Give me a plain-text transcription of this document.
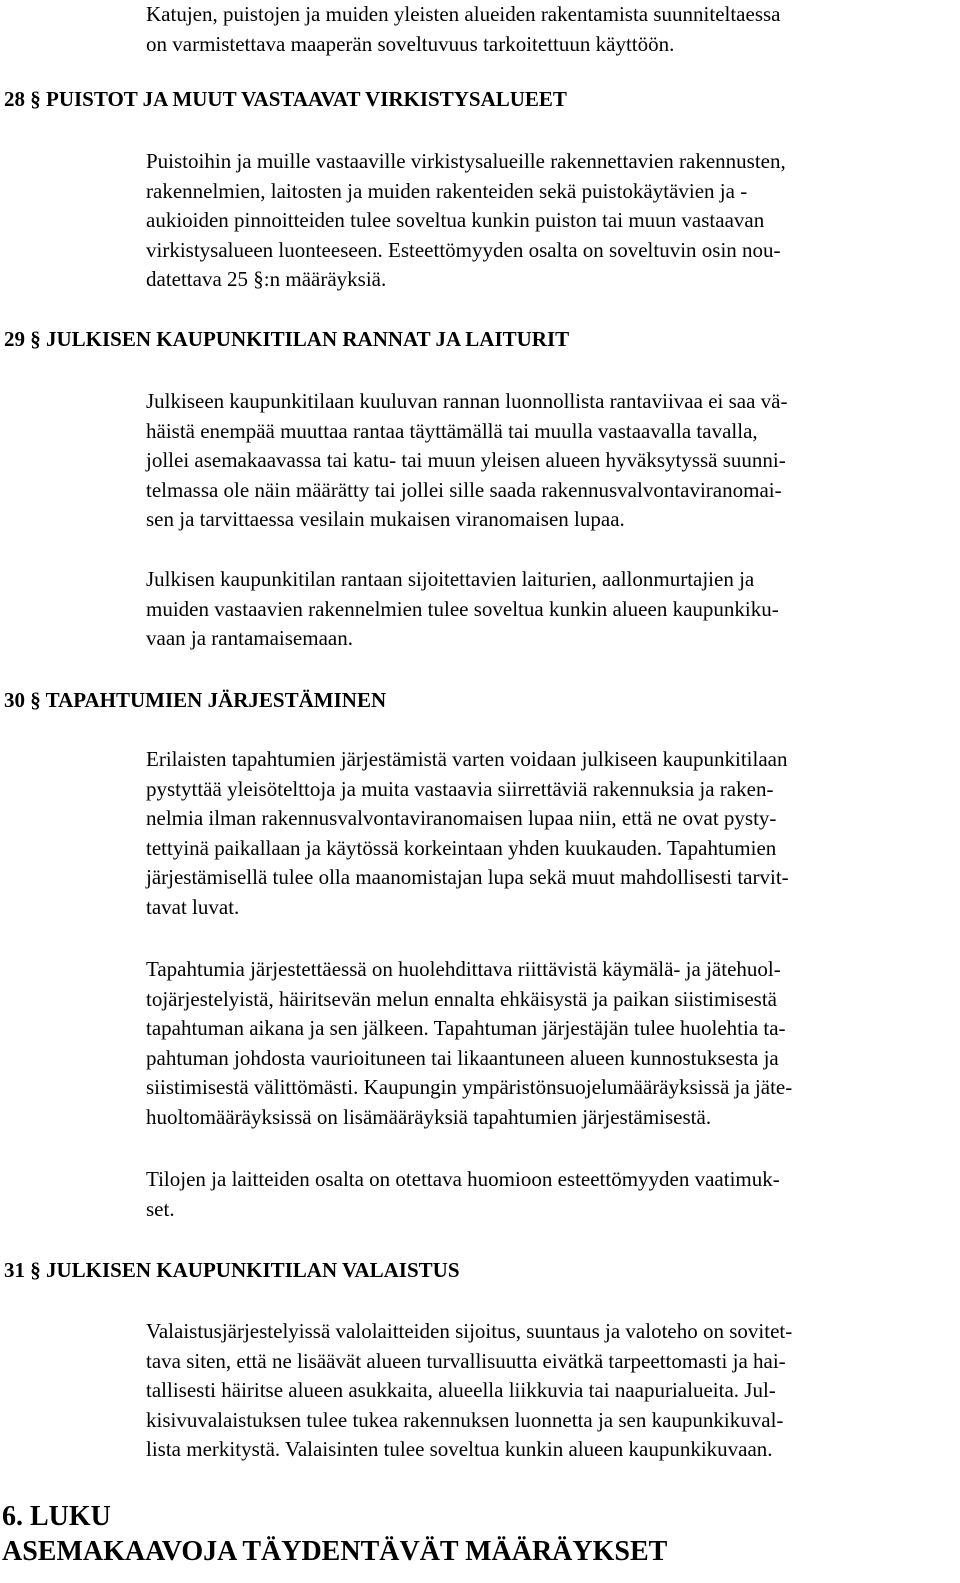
Katujen, puistojen ja muiden yleisten alueiden rakentamista suunniteltaessa
on varmistettava maaperän soveltuvuus tarkoitettuun käyttöön.

28 § PUISTOT JA MUUT VASTAAVAT VIRKISTYSALUEET

Puistoihin ja muille vastaaville virkistysalueille rakennettavien rakennusten,
rakennelmien, laitosten ja muiden rakenteiden sekä puistokäytävien ja -
aukioiden pinnoitteiden tulee soveltua kunkin puiston tai muun vastaavan
virkistysalueen luonteeseen. Esteettömyyden osalta on soveltuvin osin nou-
datettava 25 §:n määräyksiä.

29 § JULKISEN KAUPUNKITILAN RANNAT JA LAITURIT

Julkiseen kaupunkitilaan kuuluvan rannan luonnollista rantaviivaa ei saa vä-
häistä enempää muuttaa rantaa täyttämällä tai muulla vastaavalla tavalla,
jollei asemakaavassa tai katu- tai muun yleisen alueen hyväksytyssä suunni-
telmassa ole näin määrätty tai jollei sille saada rakennusvalvontaviranomai-
sen ja tarvittaessa vesilain mukaisen viranomaisen lupaa.

Julkisen kaupunkitilan rantaan sijoitettavien laiturien, aallonmurtajien ja
muiden vastaavien rakennelmien tulee soveltua kunkin alueen kaupunkiku-
vaan ja rantamaisemaan.

30 § TAPAHTUMIEN JÄRJESTÄMINEN

Erilaisten tapahtumien järjestämistä varten voidaan julkiseen kaupunkitilaan
pystyttää yleisötelttoja ja muita vastaavia siirrettäviä rakennuksia ja raken-
nelmia ilman rakennusvalvontaviranomaisen lupaa niin, että ne ovat pysty-
tettyinä paikallaan ja käytössä korkeintaan yhden kuukauden. Tapahtumien
järjestämisellä tulee olla maanomistajan lupa sekä muut mahdollisesti tarvit-
tavat luvat.

Tapahtumia järjestettäessä on huolehdittava riittävistä käymälä- ja jätehuol-
tojärjestelyistä, häiritsevän melun ennalta ehkäisystä ja paikan siistimisestä
tapahtuman aikana ja sen jälkeen. Tapahtuman järjestäjän tulee huolehtia ta-
pahtuman johdosta vaurioituneen tai likaantuneen alueen kunnostuksesta ja
siistimisestä välittömästi. Kaupungin ympäristönsuojelumääräyksissä ja jäte-
huoltomääräyksissä on lisämääräyksiä tapahtumien järjestämisestä.

Tilojen ja laitteiden osalta on otettava huomioon esteettömyyden vaatimuk-
set.

31 § JULKISEN KAUPUNKITILAN VALAISTUS

Valaistusjärjestelyissä valolaitteiden sijoitus, suuntaus ja valoteho on sovitet-
tava siten, että ne lisäävät alueen turvallisuutta eivätkä tarpeettomasti ja hai-
tallisesti häiritse alueen asukkaita, alueella liikkuvia tai naapurialueita. Jul-
kisivuvalaistuksen tulee tukea rakennuksen luonnetta ja sen kaupunkikuval-
lista merkitystä. Valaisinten tulee soveltua kunkin alueen kaupunkikuvaan.

6. LUKU
ASEMAKAAVOJA TÄYDENTÄVÄT MÄÄRÄYKSET
